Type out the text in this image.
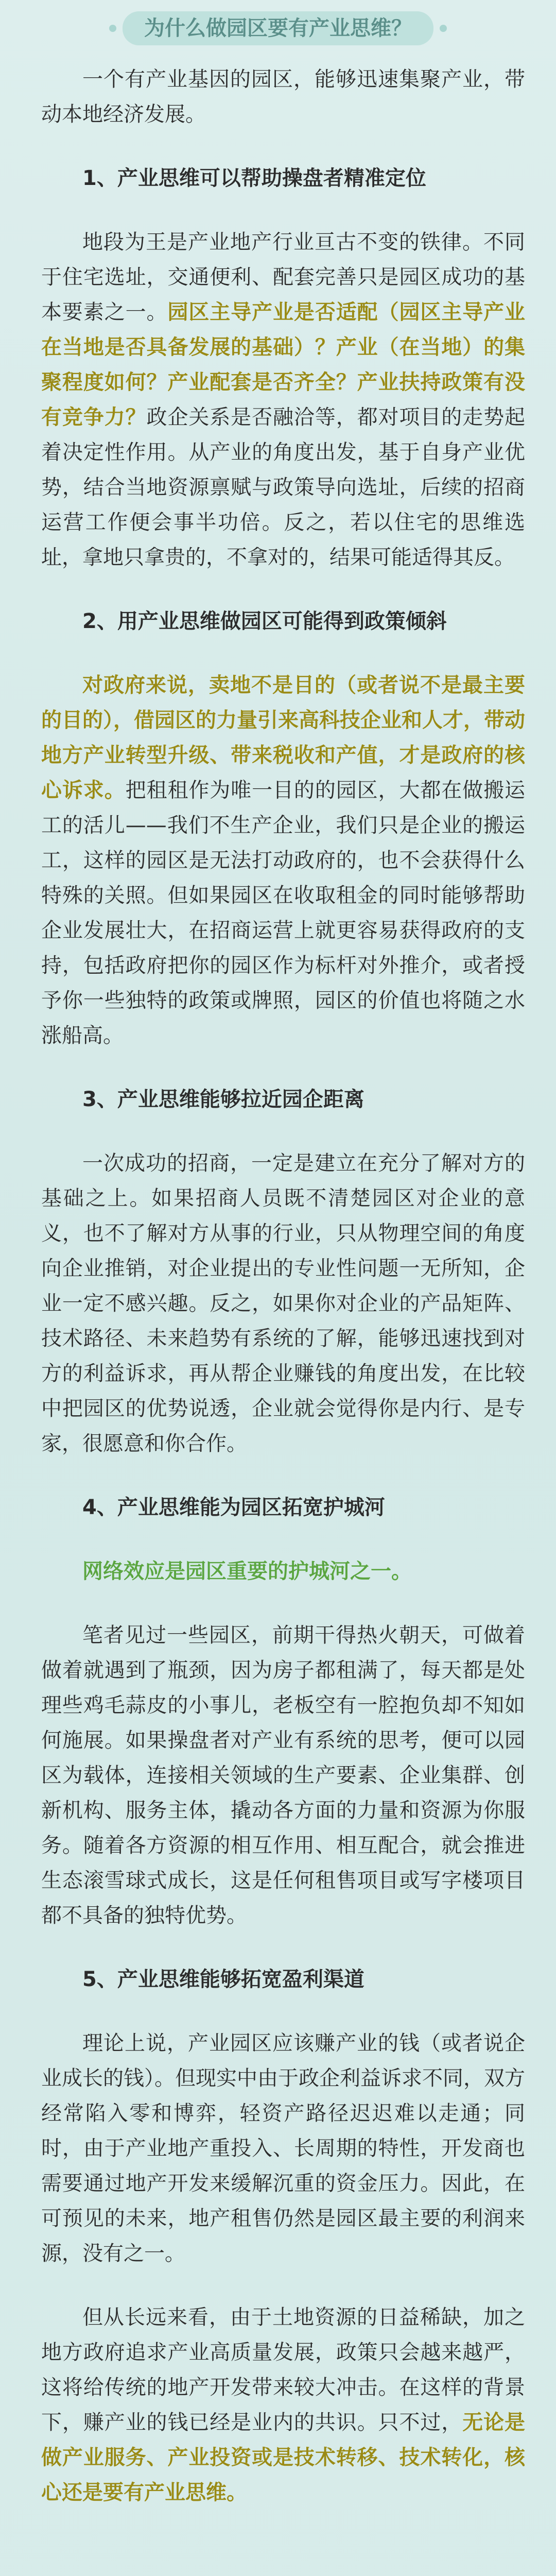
为什么做园区要有产业思维？

一个有产业基因的园区，能够迅速集聚产业，带动本地经济发展。

1、产业思维可以帮助操盘者精准定位

地段为王是产业地产行业亘古不变的铁律。不同于住宅选址，交通便利、配套完善只是园区成功的基本要素之一。园区主导产业是否适配（园区主导产业在当地是否具备发展的基础）？产业（在当地）的集聚程度如何？产业配套是否齐全？产业扶持政策有没有竞争力？政企关系是否融洽等，都对项目的走势起着决定性作用。从产业的角度出发，基于自身产业优势，结合当地资源禀赋与政策导向选址，后续的招商运营工作便会事半功倍。反之，若以住宅的思维选址，拿地只拿贵的，不拿对的，结果可能适得其反。

2、用产业思维做园区可能得到政策倾斜

对政府来说，卖地不是目的（或者说不是最主要的目的），借园区的力量引来高科技企业和人才，带动地方产业转型升级、带来税收和产值，才是政府的核心诉求。把租租作为唯一目的的园区，大都在做搬运工的活儿——我们不生产企业，我们只是企业的搬运工，这样的园区是无法打动政府的，也不会获得什么特殊的关照。但如果园区在收取租金的同时能够帮助企业发展壮大，在招商运营上就更容易获得政府的支持，包括政府把你的园区作为标杆对外推介，或者授予你一些独特的政策或牌照，园区的价值也将随之水涨船高。

3、产业思维能够拉近园企距离

一次成功的招商，一定是建立在充分了解对方的基础之上。如果招商人员既不清楚园区对企业的意义，也不了解对方从事的行业，只从物理空间的角度向企业推销，对企业提出的专业性问题一无所知，企业一定不感兴趣。反之，如果你对企业的产品矩阵、技术路径、未来趋势有系统的了解，能够迅速找到对方的利益诉求，再从帮企业赚钱的角度出发，在比较中把园区的优势说透，企业就会觉得你是内行、是专家，很愿意和你合作。

4、产业思维能为园区拓宽护城河

网络效应是园区重要的护城河之一。

笔者见过一些园区，前期干得热火朝天，可做着做着就遇到了瓶颈，因为房子都租满了，每天都是处理些鸡毛蒜皮的小事儿，老板空有一腔抱负却不知如何施展。如果操盘者对产业有系统的思考，便可以园区为载体，连接相关领域的生产要素、企业集群、创新机构、服务主体，撬动各方面的力量和资源为你服务。随着各方资源的相互作用、相互配合，就会推进生态滚雪球式成长，这是任何租售项目或写字楼项目都不具备的独特优势。

5、产业思维能够拓宽盈利渠道

理论上说，产业园区应该赚产业的钱（或者说企业成长的钱）。但现实中由于政企利益诉求不同，双方经常陷入零和博弈，轻资产路径迟迟难以走通；同时，由于产业地产重投入、长周期的特性，开发商也需要通过地产开发来缓解沉重的资金压力。因此，在可预见的未来，地产租售仍然是园区最主要的利润来源，没有之一。

但从长远来看，由于土地资源的日益稀缺，加之地方政府追求产业高质量发展，政策只会越来越严，这将给传统的地产开发带来较大冲击。在这样的背景下，赚产业的钱已经是业内的共识。只不过，无论是做产业服务、产业投资或是技术转移、技术转化，核心还是要有产业思维。
